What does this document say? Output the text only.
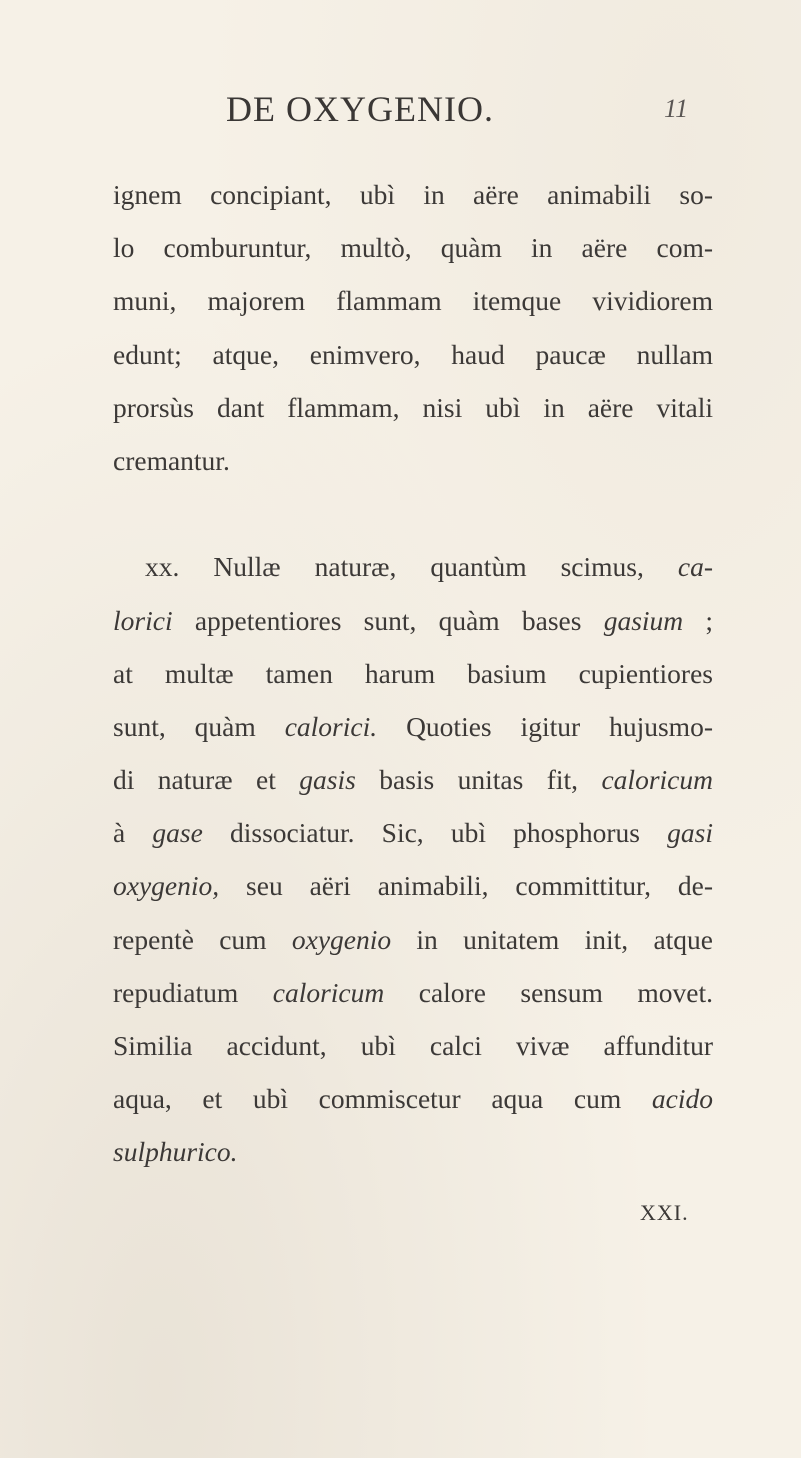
DE OXYGENIO.	11
ignem concipiant, ubì in aëre animabili so-
lo comburuntur, multò, quàm in aëre com-
muni, majorem flammam itemque vividiorem
edunt; atque, enimvero, haud paucæ nullam
prorsùs dant flammam, nisi ubì in aëre vitali
cremantur.
xx. Nullæ naturæ, quantùm scimus, ca-
lorici appetentiores sunt, quàm bases gasium ;
at multæ tamen harum basium cupientiores
sunt, quàm calorici. Quoties igitur hujusmo-
di naturæ et gasis basis unitas fit, caloricum
à gase dissociatur. Sic, ubì phosphorus gasi
oxygenio, seu aëri animabili, committitur, de-
repentè cum oxygenio in unitatem init, atque
repudiatum caloricum calore sensum movet.
Similia accidunt, ubì calci vivæ affunditur
aqua, et ubì commiscetur aqua cum acido
sulphurico.
XXI.
